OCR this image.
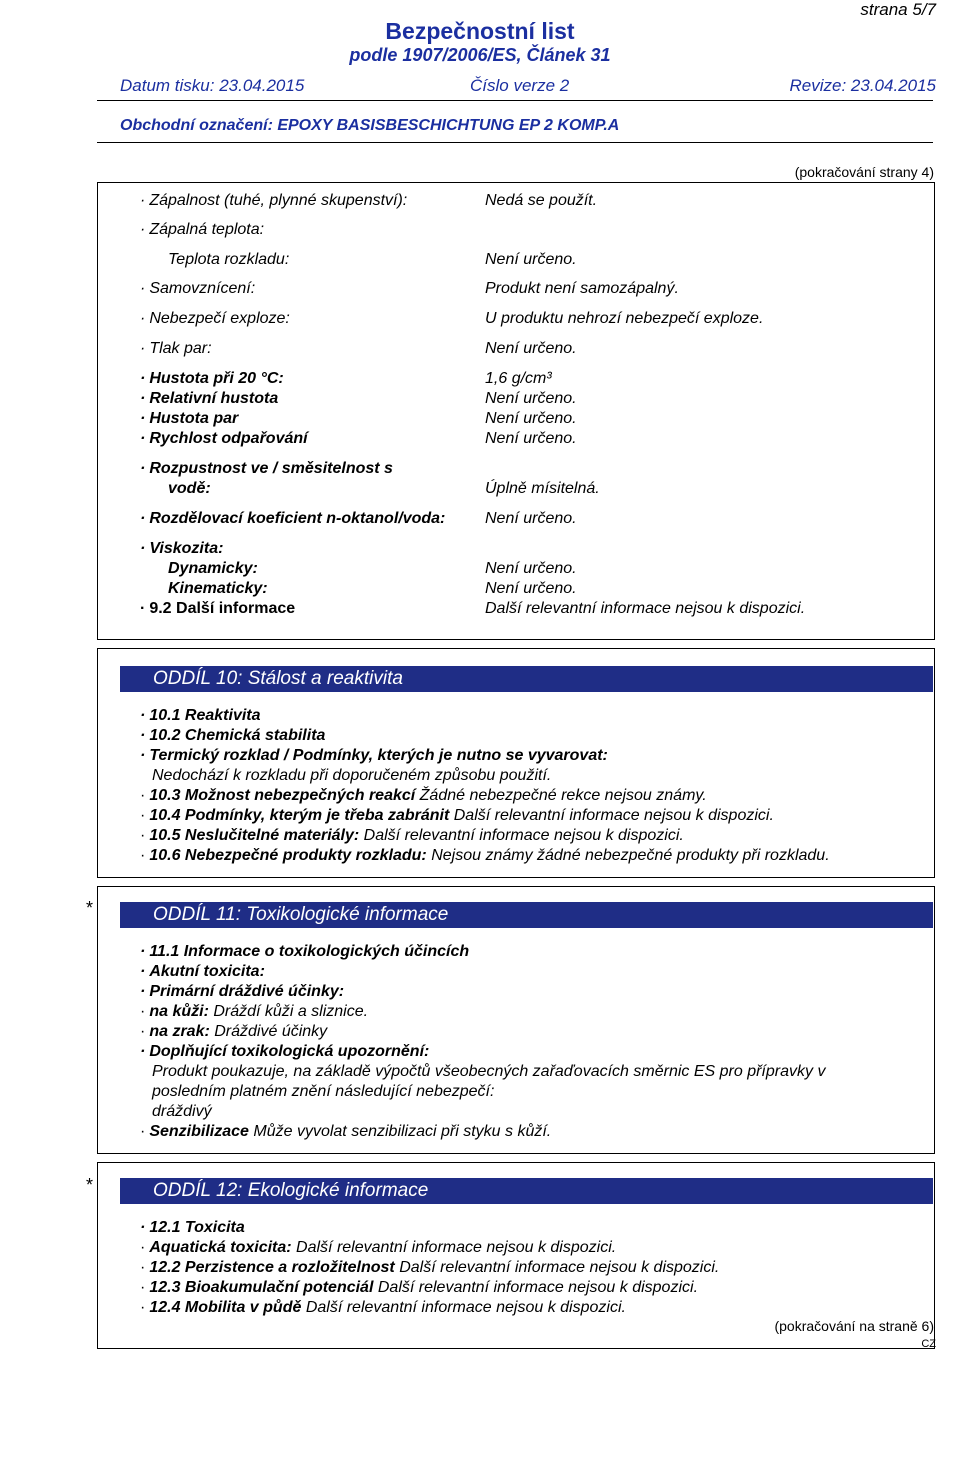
strana 5/7
Bezpečnostní list
podle 1907/2006/ES, Článek 31
Datum tisku: 23.04.2015	Číslo verze 2	Revize: 23.04.2015
Obchodní označení: EPOXY BASISBESCHICHTUNG EP 2 KOMP.A
(pokračování strany 4)
· Zápalnost (tuhé, plynné skupenství):	Nedá se použít.
· Zápalná teplota:
Teplota rozkladu:	Není určeno.
· Samovznícení:	Produkt není samozápalný.
· Nebezpečí exploze:	U produktu nehrozí nebezpečí exploze.
· Tlak par:	Není určeno.
· Hustota při 20 °C:	1,6 g/cm³
· Relativní hustota	Není určeno.
· Hustota par	Není určeno.
· Rychlost odpařování	Není určeno.
· Rozpustnost ve / směsitelnost s
vodě:	Úplně mísitelná.
· Rozdělovací koeficient n-oktanol/voda: Není určeno.
· Viskozita:
Dynamicky:	Není určeno.
Kinematicky:	Není určeno.
· 9.2 Další informace	Další relevantní informace nejsou k dispozici.
ODDÍL 10: Stálost a reaktivita
· 10.1 Reaktivita
· 10.2 Chemická stabilita
· Termický rozklad / Podmínky, kterých je nutno se vyvarovat:
Nedochází k rozkladu při doporučeném způsobu použití.
· 10.3 Možnost nebezpečných reakcí Žádné nebezpečné rekce nejsou známy.
· 10.4 Podmínky, kterým je třeba zabránit Další relevantní informace nejsou k dispozici.
· 10.5 Neslučitelné materiály: Další relevantní informace nejsou k dispozici.
· 10.6 Nebezpečné produkty rozkladu: Nejsou známy žádné nebezpečné produkty při rozkladu.
*	ODDÍL 11: Toxikologické informace
· 11.1 Informace o toxikologických účincích
· Akutní toxicita:
· Primární dráždivé účinky:
· na kůži: Dráždí kůži a sliznice.
· na zrak: Dráždivé účinky
· Doplňující toxikologická upozornění:
Produkt poukazuje, na základě výpočtů všeobecných zařaďovacích směrnic ES pro přípravky v
posledním platném znění následující nebezpečí:
dráždivý
· Senzibilizace Může vyvolat senzibilizaci při styku s kůží.
*	ODDÍL 12: Ekologické informace
· 12.1 Toxicita
· Aquatická toxicita: Další relevantní informace nejsou k dispozici.
· 12.2 Perzistence a rozložitelnost Další relevantní informace nejsou k dispozici.
· 12.3 Bioakumulační potenciál Další relevantní informace nejsou k dispozici.
· 12.4 Mobilita v půdě Další relevantní informace nejsou k dispozici.
(pokračování na straně 6)
CZ
